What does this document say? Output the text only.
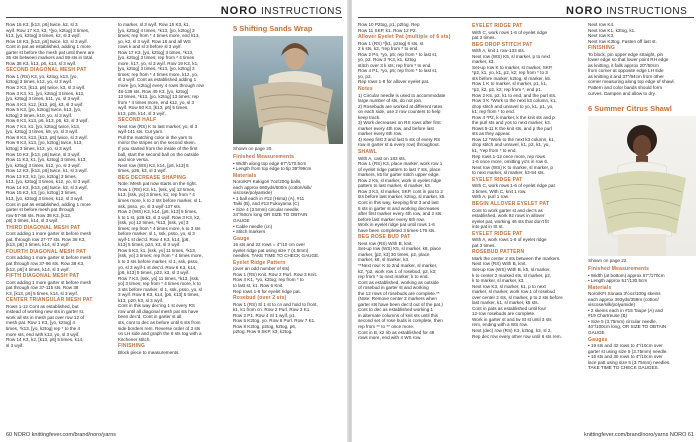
NORO INSTRUCTIONS

Row 16 K3, [k13, p6] twice, k2, sl 3

wyif. Row 17 K3, k3, *[yo, k2tog] 3 times,

k13, [yo, k2tog] 3 times, k2, sl 3 wyif.

Row 18 K3, [k13, p6] twice, k3, sl 3 wyif.

Cont in pat as established, adding 1 more

garter st before the mesh pat until there are

35 sts between markers and 59 sts in total.

Row 38 K3, k13, p6, k14, sl 3 wyif.

SECOND DIAGONAL MESH PAT

Row 1 (RS) K3, yo, k2tog, k13, [yo,

k2tog] 3 times, k12, yo, sl 3 wyif.

Row 2 K3, [k13, p6] twice, k3, sl 3 wyif.

Row 3 K3, k1, [yo, k2tog] 3 times, k12,

[yo, k2tog] 3 times, k11, yo, sl 3 wyif.

Row 4 K3, k12, [k13, p6], k3, sl 3 wyif.

Row 5 K3, [yo, k2tog] twice, k13, [yo,

k2tog] 3 times, k10, yo, sl 3 wyif.

Row 6 K3, k13, p6, k13, p6, k3, sl 3 wyif.

Row 7 K3, k1, [yo, k2tog] twice, k13,

[yo, k2tog] 3 times, k9, yo, sl 3 wyif.

Row 8 K3, k13, [k13, p6] twice, sl 3 wyif.

Row 9 K3, k13, [yo, k2tog] twice, k13,

k2tog] 3 times, k12, yo, sl 3 wyif.

Row 10 K3, [k13, p6] twice, sl 3 wyif.

Row 11 K3, k1, [yo, k2tog] 3 times, k13,

[yo, k2tog] 3 times, k12, yo, sl 3 wyif.

Row 12 K3, [k13, p6] twice, k1, sl 3 wyif.

Row 13 K3, k2, [yo, k2tog] 3 times,

k13, [yo, k2tog] 3 times, k12, yo, sl 3 wyif.

Row 14 K3, [k13, p6] twice, k2, sl 3 wyif.

Row 15 K3, k3, [yo, k2tog] 3 times,

k13, [yo, k2tog] 3 times, k12, sl 3 wyif.

Cont in pat as established, adding 1 more

garter st before mesh pat through

row 57-58 sts. Row 38 K3, [k13,

p6] 3 times, k14, sl 3 wyif.

THIRD DIAGONAL MESH PAT

Cont adding 1 more garter st before mesh

pat, through row 37-77 sts. Row 38 K3,

[k13, p6] 3 times, k14, sl 3 wyif.

FOURTH DIAGONAL MESH PAT

Cont adding 1 more garter st before mesh

pat through row 37-96 sts. Row 38 K3,

[k13, p6] 4 times, k14, sl 3 wyif.

FIFTH DIAGONAL MESH PAT

Cont adding 1 more garter st before mesh

pat through row 37-115 sts. Row 38

K3, [k13, p6] 5 times, k14, sl 3 wyif.

CENTER TRIANGULAR MESH PAT

Rows 1-12 Cont as established, but

instead of working new sts in garter st,

work all sts in mesh pat over row 12 of

mesh pat. Row 1 K3, [yo, k2tog] 4

times, *k13, [yo, k2tog] rep * to the 4

more sts, end with k13, yo, sl 3 wyif.

Row 14 K3, k2, [k13, p6] 5 times, k14,

sl 3 wyif.

to marker, sl 3 wyif. Row 15 K3, k1,

[yo, k2tog] 4 times, *k13, [yo, k2tog] 3

times; rep from * 4 times more, end k13,

yo, k2, sl 3 wyif. Row 16 and all WS

rows k and sl 3 before sl 3 wyif.

Row 17 K3, [yo, k2tog] 3 times, *k13,

[yo, k2tog] 3 times; rep from * 4 times

more, k17, yo, sl 3 wyif. Row 19 K3, k1,

[yo, k2tog] 3 times, *k13, [yo, k2tog] 3

times; rep from * 4 times more, k12, yo,

sl 3 wyif. Cont as established adding 1

more [yo, k2tog] every 4 rows through row

48-139 sts. Row 49 K3, [yo, k2tog]

13 times, *k13, [yo, k2tog] 13 times; rep

from * 4 times more, end k12, yo, sl 3

wyif. Row 50 K3, [k13, p6] 5 times,

k13, p26, k14, sl 3 wyif.

SECOND HALF

Next row (RS) K to last marker, yo, sl 3

wyif-141 sts. Cut yarn.

Pull the matching color in the yarn to

mirror the stripes on the second skein.

If you started from the inside of the first

ball, start the second ball on the outside

and vice versa.

Next row (WS) K3, k14, [p6, k13] 5

times, p26, k3, sl 3 wyif.

BEG DECREASE SHAPING

Note: Mesh pat now starts on the right.

Row 1 (RS) K3, k1, [ssk, yo] 12 times,

k13, [ssk, yo] 3 times, k1; rep from * 4

times more, k to 2 sts before marker, sl 1,

ssk, psso, yo, sl 3 wyif-137 sts.

Row 2 (WS) K3, k14, [p6, k13] 5 times,

k to 1 st, p26 k3, sl 3 wyif. Row 3 K3, k2,

[ssk, yo] 12 times, *k13, [ssk, yo] 3

times; rep from * 4 times more, k to 3 sts

before marker, sl 1, ssk, psso, yo, sl 3

wyif-1 st dec'd. Row 4 K3, k14, [p6,

k13] 5 times, p24, k3, sl 3 wyif.

Row 5 K3, k1, [ssk, yo] 11 times, *k13,

[ssk, yo] 3 times; rep from * 4 times more,

k to 3 sts before marker, sl 1, ssk, psso,

yo, sl 3 wyif-1 st dec'd. Row 6 K3, k14,

[p6, k13] 5 times, p22, k3, sl 3 wyif.

Row 7 K3, [ssk, yo] 11 times, *k13, [ssk,

yo] 3 times; rep from * 4 times more, k to

3 sts before marker, sl 1, ssk, psso, yo, sl

3 wyif. Row 8 K3, k14, [p6, k13] 5 times,

k13, p20, k3, sl 3 wyif.

Cont in this way dec'ing 1 st every RS

row until all diagonal mesh pat sts have

been dec'd. Cont in garter st all

sts, cont to dec as before until 6 sts from

side borders rem. Reverse order of 3 sts

on LH side and graph the 6 sts tog with a

Kitchener stitch.

FINISHING

Block piece to measurements.

5 Shifting Sands Wrap
Shown on page 20.

Finished Measurements

• Width along top edge 67"/170.5cm

• Length from top edge to tip 39"/99cm

Materials

Noro/KFI Kakigori 7oz/200g balls,

each approx 660yds/600m (cotton/silk/

viscose/polyamide)

• 1 ball each in #12 (Hima) (A), #11

Taiki (B), and #13 Fukuyama (C)

• Size 4 (3.5mm) circular needle,

24"/60cm long OR SIZE TO OBTAIN

GAUGE

• Cable needle (cn)

• Stitch markers

Gauge

16 sts and 22 rows = 4"/10 cm over

eyelet ridge pat using size 7 (4.5mm)

needles. TAKE TIME TO CHECK GAUGE.

Eyelet Ridge Pattern

(over an odd number of sts)

Row 1 (RS) Knit. Row 2 Purl. Row 3 Knit.

Row 4 K1, *yo, k2tog; rep from * to

to last st, k1. Row 6 Knit.

Rep rows 1-6 for eyelet ridge pat.

Rosebud (over 2 sts)

Row 1 (RS) Sl 1 st to cn and hold to front,

k1, k1 from cn. Row 2 Purl. Row 3 K1.

Row 2 P1. Row 4 Sl 1 wyif, p1.

Row 5 K2tog, yo. Row 6 Purl. Row 7 K1.

Row 8 K2tog, p2tog, k2tog, p6,

p2tog. Row 9 SKP, k3, k2tog.

60 NORO knittingfever.com/brand/noro/yarns
NORO INSTRUCTIONS

Row 10 P2tog, p1, p2tog. Rep

Row 11 SKP, k1. Row 12 P2.

Allover Eyelet Pat (multiple of 6 sts)

Row 1 (RS) *[k1, p2tog] 6 sts, st

2 k sts, k3, *rep from * to end.

Row 2 P4, *yo, p5; rep from * to last st,

yo, p2. Row 3 *K3, k1, k2tog

stitch over 3 k sts; rep from * to end.

Row 4 P1, *yo, p5; rep from * to last st,

yo, p2.

Rep rows 1-8 for allover eyelet pat.

Notes

1) Circular needle is used to accommodate

large number of sts, do not join.

2) Rosebuds are worked at different rates

on each side, use 2 row counters to help

keep track.

3) Work decreases on RS rows after first

marker every 4th row, and before last

marker every 6th row.

4) Keep first 3 and last 5 sts of every RS

row in garter st & every row) throughout.

SHAWL

With A, cast on 183 sts.

Row 1 (RS) K3, place marker, work row 1

of eyelet ridge pattern to last 7 sts, place

markers, k5 for garter stitch upper edge.

Row 2 K5, sl marker, work in eyelet ridge

pattern to last marker, sl marker, k3.

Row 3 K3, sl marker, SKP, cont in pat to 2

sts before last marker, k2tog, sl marker, k5.

Cont in this way, keeping first 3 and last

5 sts in garter st and working decreases

after first marker every 4th row, and 2 sts

before last marker every 6th row.

Work in eyelet ridge pat until rows 1-6

have been completed 3 times-176 sts.

BEG ROSE BUD PAT

Next row (RS) With B, knit.

Set-up row (WS) K5, sl marker, k8, place

marker, [p2, k3] 30 times, p2, place

marker, k8, sl marker, k3.

**Next row: K to 2nd marker, sl marker,

k2, *p2, work row 1 of rosebud, p2, k3;

rep from * to next marker, k to end.

Cont as established, working as outside

of rosebud in garter st and working

the 12 rows of rosebuds are complete.**

(Note: Remove center 2 markers when

garter sts have been dec'd out of the pat.)

Cont to dec as established working 1

in alternate columns of knit sts until this

second set of rose buds is complete, then

rep from ** to ** once more.

Cont in B, k2 rib as established for 46

rows more, end with 4 WS row.

EYELET RIDGE PAT

With C, work rows 1-6 of eyelet ridge

pat 3 times.

BEG DROP STITCH PAT

With A, knit 1 row-133 sts.

Next row (WS) K5, sl marker, p to next

marker, k3.

Set-up row K to marker, sl marker, SKP,

*p2, k1, yo, k1, p2, k2; rep from * to 3

sts before marker, k2tog, sl marker, k5.

Row 1 K to marker, sl marker, p1, k1,

*p2, k2, p2, k2; rep from *, end p1.

Row 2 K5, p2, k1 to end, and the purl sts.

Row 3 K *Work to the next k3 column, k1,

drop stitch and unravel to yo, k1, p1, yo,

k1; rep from * to end.

Row 4 *P2, k marker, k the knit sts and p

the purl sts and yos to next marker, k3.

Rows 5-11 K the knit sts, and p the purl

sts as they appear.

Row 12 *Work to the next k3 column, k1,

drop stitch and unravel, k1, p2, k1, yo,

k1, *rep from * to end.

Rep rows 1-12 once more, rep rows

1-6 once more, omitting yo's in row 6.

Next row (WS) K to marker, sl marker, p

to next marker, sl marker, k3-94 sts.

EYELET RIDGE PAT

With C, work rows 1-6 of eyelet ridge pat

3 times. With C, knit 1 row.

With A, purl 1 row.

BEGIN ALLOVER EYELET PAT

Cont to work garter st and dec's as

established, work 92 rows in allover

eyelet pat, working 46 sts that don't fit

into pat in St st.

EYELET RIDGE PAT

With A, work rows 1-6 of eyelet ridge

pat 3 times.

ROSEBUD PATTERN

Mark the center 2 sts between the markers.

Next row (RS) With B, knit.

Set-up row (WS) With B, k5, sl marker,

k to center 2 marked sts, sl marker, p2,

k to marker, sl marker, k3.

Next row K3, sl marker, k1, p to next

marker, sl marker, work row 1 of rosebud

over center 2 sts, sl marker, p to 2 sts before

last marker, k1, sl marker, k5 sts.

Cont in pats as established until four

12-row rosebuds are complete.

Work in garter st and tw St st until 3 sts

rem, ending with a WS row.

Next (dec) row (RS) K3, k2tog, k3, sl 2,

Rep dec row every other row until 6 sts rem.

Next row K4.

Next row K1, k2tog, k1.

Next row K3.

Next row K3tog. Fasten off last st.

FINISHING

To block, pin upper edge straight, pin

lower edge so that lower point RH edge

as knitting, it falls approx 20"/50cm

from corner at opposite edge LH side

as knitting it and 37"/94cm from other

corner measuring along top edge of shawl.

Pattern and color bands should form

curves. Dampen and allow to dry.

6 Summer Citrus Shawl
Shown on page 22.

Finished Measurements

• Width (at bottom) approx 67"/170cm

• Length approx 51"/130.5cm

Materials

Noro/KFI Sonata 3½oz/100g skeins

each approx 393yds/359m (cotton/

viscose/silk/polyamide)

• 2 skeins each in #15 Taupe (A) and

#19 Chartreuse (B)

• Size 5 (3.75mm) circular needle,

40"/100cm long, OR SIZE TO OBTAIN

GAUGE

Gauges

• 19 sts and 42 rows to 4"/10cm over

garter st using size 5 (3.75mm) needle.

• 16 sts and 30 rows to 4"/10cm over

lace patt using size 5 (3.75mm) needles.

TAKE TIME TO CHECK GAUGES.

knittingfever.com/brand/noro/yarns NORO 61
